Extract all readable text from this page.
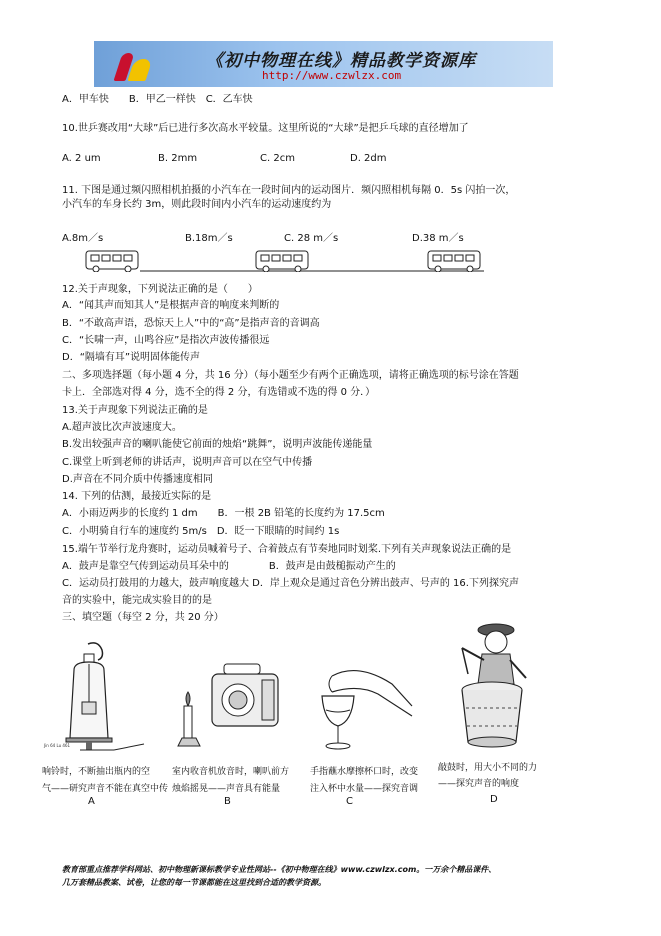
《初中物理在线》精品教学资源库
http://www.czwlzx.com
A．甲车快　　B．甲乙一样快　C．乙车快
10.世乒赛改用“大球”后已进行多次高水平较量。这里所说的“大球”是把乒乓球的直径增加了
A. 2 um	B. 2mm	C. 2cm	D. 2dm
11. 下图是通过频闪照相机拍摄的小汽车在一段时间内的运动图片．频闪照相机每隔 0．5s 闪拍一次，
小汽车的车身长约 3m，则此段时间内小汽车的运动速度约为
A.8m／s	B.18m／s	C. 28 m／s	D.38 m／s
12.关于声现象，下列说法正确的是（　　）
A．“闻其声而知其人”是根据声音的响度来判断的
B．“不敢高声语，恐惊天上人”中的“高”是指声音的音调高
C．“长啸一声，山鸣谷应”是指次声波传播很远
D．“隔墙有耳”说明固体能传声
二、多项选择题（每小题 4 分，共 16 分）（每小题至少有两个正确选项，请将正确选项的标号涂在答题
卡上．全部选对得 4 分，选不全的得 2 分，有选错或不选的得 0 分．）
13.关于声现象下列说法正确的是
A.超声波比次声波速度大。
B.发出较强声音的喇叭能使它前面的烛焰“跳舞”，说明声波能传递能量
C.课堂上听到老师的讲话声，说明声音可以在空气中传播
D.声音在不同介质中传播速度相同
14. 下列的估测，最接近实际的是
A．小雨迈两步的长度约 1 dm　　B．一根 2B 铅笔的长度约为 17.5cm
C．小明骑自行车的速度约 5m/s　D．眨一下眼睛的时间约 1s
15.端午节举行龙舟赛时，运动员喊着号子、合着鼓点有节奏地同时划桨.下列有关声现象说法正确的是
A．鼓声是靠空气传到运动员耳朵中的　　　　B．鼓声是由鼓槌振动产生的
C．运动员打鼓用的力越大，鼓声响度越大 D．岸上观众是通过音色分辨出鼓声、号声的 16.下列探究声
音的实验中，能完成实验目的的是
三、填空题（每空 2 分，共 20 分）
Jin 64 Lu 461
响铃时，不断抽出瓶内的空
气——研究声音不能在真空中传
A
室内收音机放音时，喇叭前方
烛焰摇晃——声音具有能量
B
手指蘸水摩擦杯口时，改变
注入杯中水量——探究音调
C
敲鼓时，用大小不同的力
——探究声音的响度
D
教育部重点推荐学科网站、初中物理新课标教学专业性网站--《初中物理在线》www.czwlzx.com。一万余个精品课件、
几万套精品教案、试卷，让您的每一节课都能在这里找到合适的教学资源。
